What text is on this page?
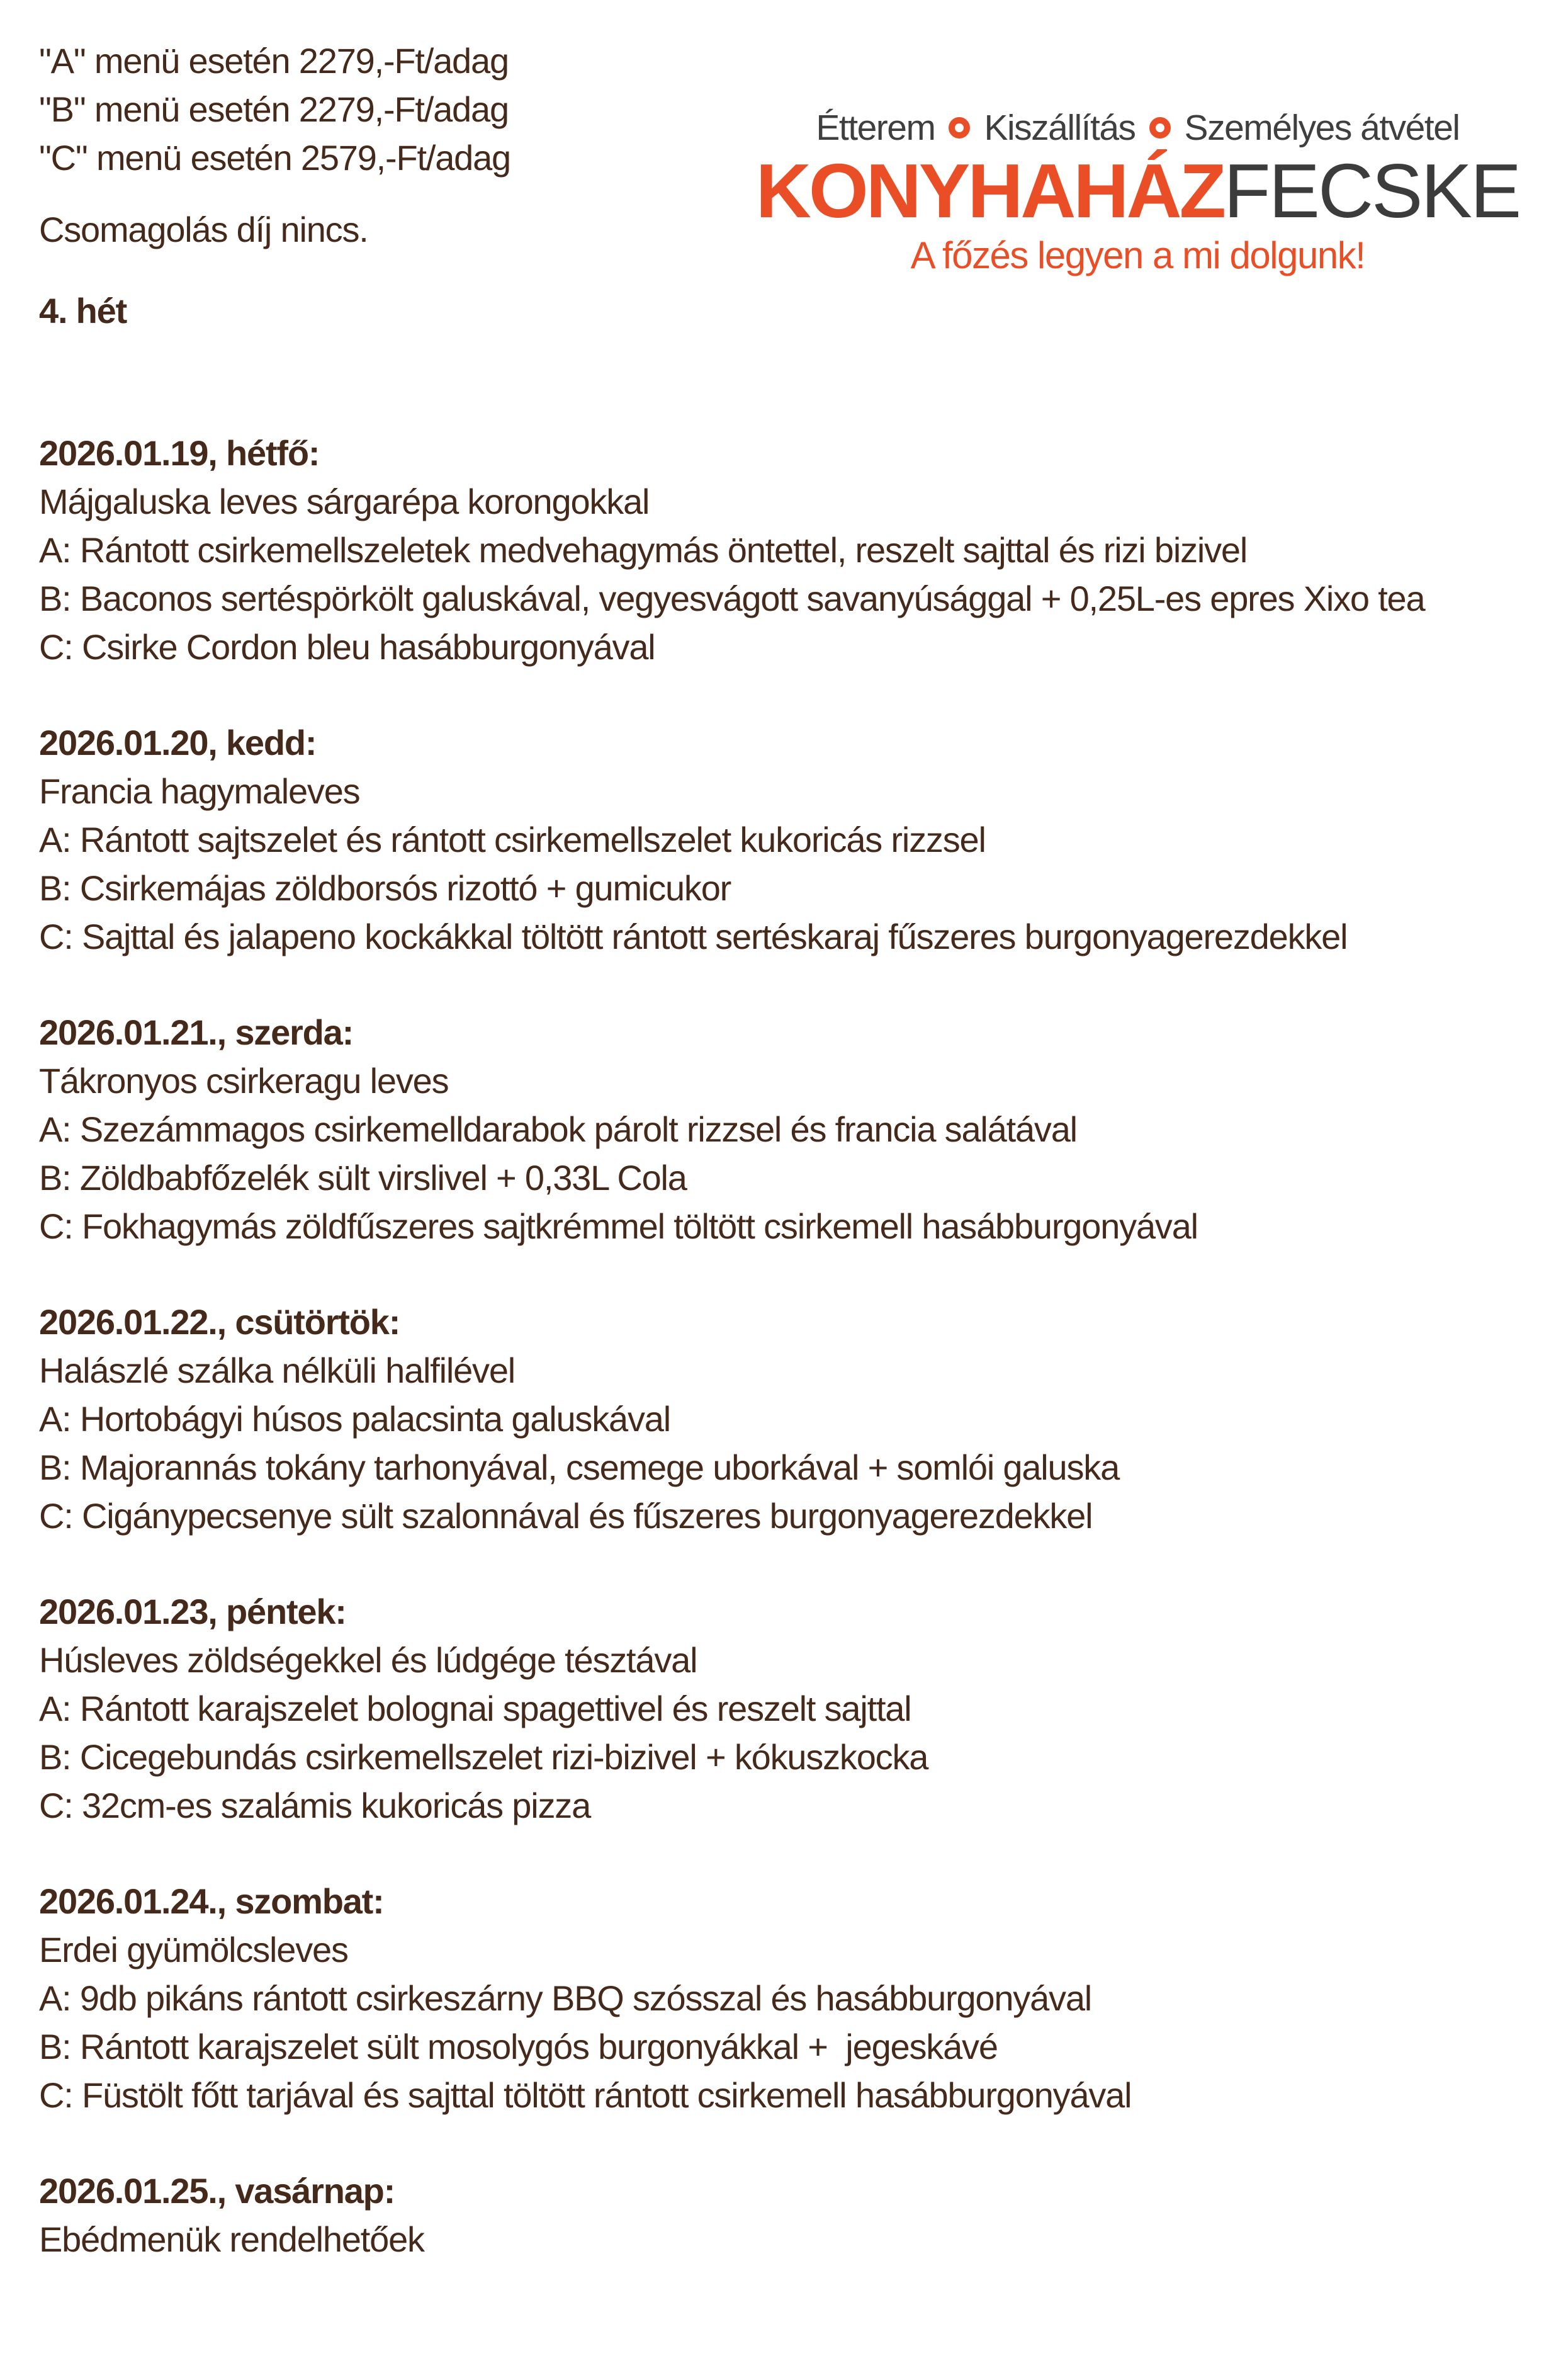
Étterem Kiszállítás Személyes átvétel
KONYHAHÁZFECSKE
A főzés legyen a mi dolgunk!
"A" menü esetén 2279,-Ft/adag
"B" menü esetén 2279,-Ft/adag
"C" menü esetén 2579,-Ft/adag
Csomagolás díj nincs.
4. hét
2026.01.19, hétfő:
Májgaluska leves sárgarépa korongokkal
A: Rántott csirkemellszeletek medvehagymás öntettel, reszelt sajttal és rizi bizivel
B: Baconos sertéspörkölt galuskával, vegyesvágott savanyúsággal + 0,25L-es epres Xixo tea
C: Csirke Cordon bleu hasábburgonyával
2026.01.20, kedd:
Francia hagymaleves
A: Rántott sajtszelet és rántott csirkemellszelet kukoricás rizzsel
B: Csirkemájas zöldborsós rizottó + gumicukor
C: Sajttal és jalapeno kockákkal töltött rántott sertéskaraj fűszeres burgonyagerezdekkel
2026.01.21., szerda:
Tákronyos csirkeragu leves
A: Szezámmagos csirkemelldarabok párolt rizzsel és francia salátával
B: Zöldbabfőzelék sült virslivel + 0,33L Cola
C: Fokhagymás zöldfűszeres sajtkrémmel töltött csirkemell hasábburgonyával
2026.01.22., csütörtök:
Halászlé szálka nélküli halfilével
A: Hortobágyi húsos palacsinta galuskával
B: Majorannás tokány tarhonyával, csemege uborkával + somlói galuska
C: Cigánypecsenye sült szalonnával és fűszeres burgonyagerezdekkel
2026.01.23, péntek:
Húsleves zöldségekkel és lúdgége tésztával
A: Rántott karajszelet bolognai spagettivel és reszelt sajttal
B: Cicegebundás csirkemellszelet rizi-bizivel + kókuszkocka
C: 32cm-es szalámis kukoricás pizza
2026.01.24., szombat:
Erdei gyümölcsleves
A: 9db pikáns rántott csirkeszárny BBQ szósszal és hasábburgonyával
B: Rántott karajszelet sült mosolygós burgonyákkal +  jegeskávé
C: Füstölt főtt tarjával és sajttal töltött rántott csirkemell hasábburgonyával
2026.01.25., vasárnap:
Ebédmenük rendelhetőek
